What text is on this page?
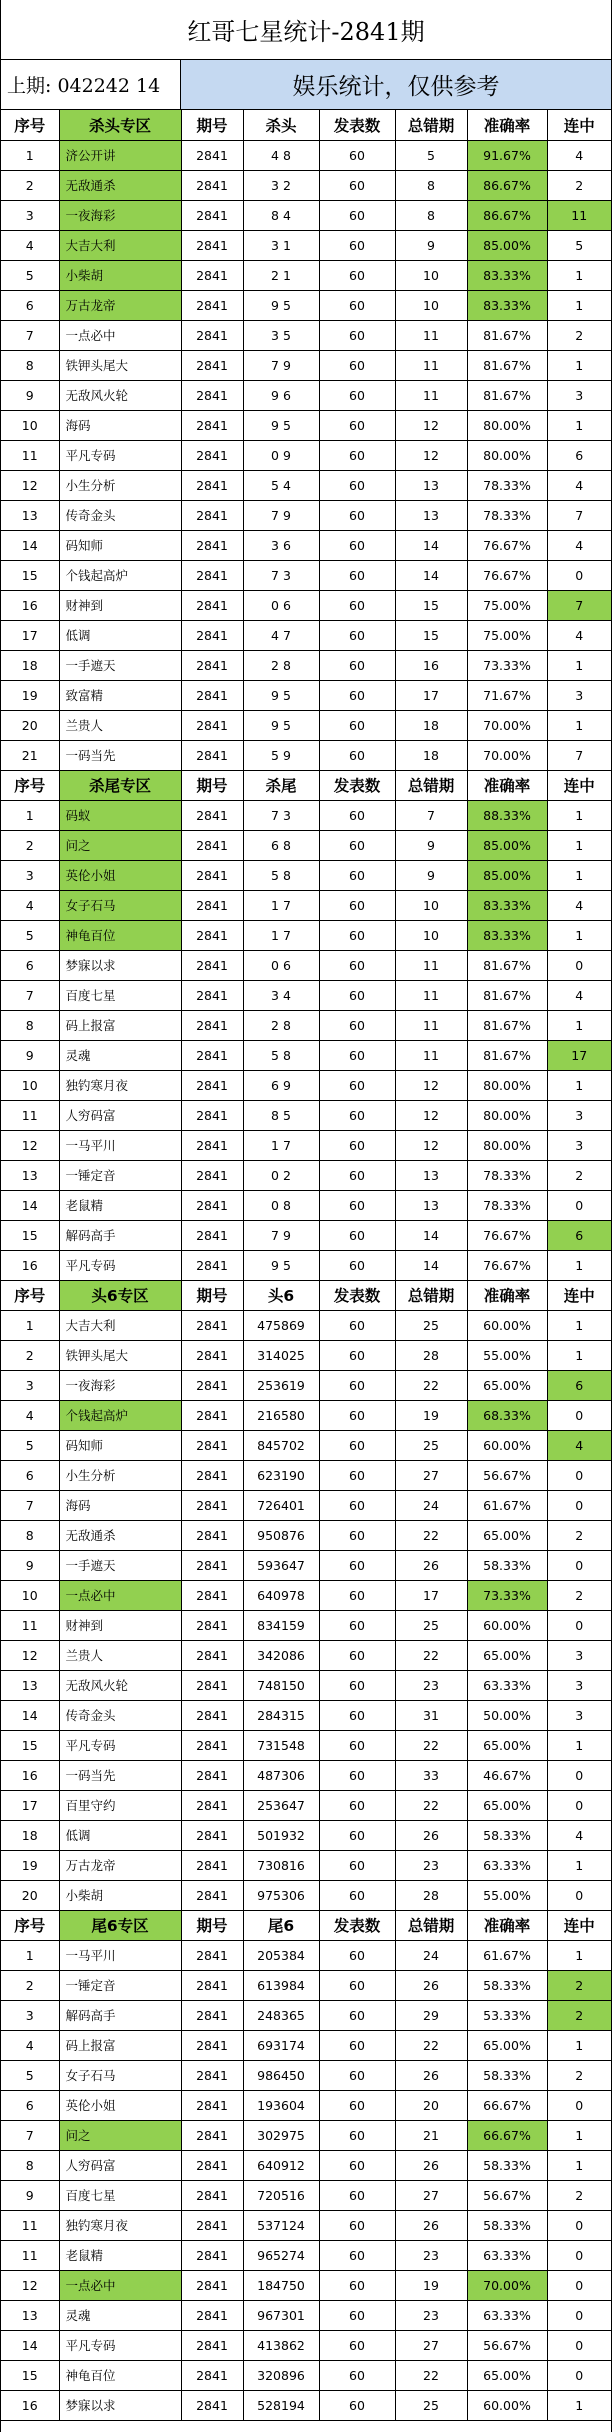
红哥七星统计-2841期
上期: 042242 14	娱乐统计，仅供参考
序号	杀头专区	期号	杀头	发表数	总错期	准确率	连中
1	济公开讲	2841	4 8	60	5	91.67%	4
2	无敌通杀	2841	3 2	60	8	86.67%	2
3	一夜海彩	2841	8 4	60	8	86.67%	11
4	大吉大利	2841	3 1	60	9	85.00%	5
5	小柴胡	2841	2 1	60	10	83.33%	1
6	万古龙帝	2841	9 5	60	10	83.33%	1
7	一点必中	2841	3 5	60	11	81.67%	2
8	铁钾头尾大	2841	7 9	60	11	81.67%	1
9	无敌风火轮	2841	9 6	60	11	81.67%	3
10	海码	2841	9 5	60	12	80.00%	1
11	平凡专码	2841	0 9	60	12	80.00%	6
12	小生分析	2841	5 4	60	13	78.33%	4
13	传奇金头	2841	7 9	60	13	78.33%	7
14	码知师	2841	3 6	60	14	76.67%	4
15	个钱起高炉	2841	7 3	60	14	76.67%	0
16	财神到	2841	0 6	60	15	75.00%	7
17	低调	2841	4 7	60	15	75.00%	4
18	一手遮天	2841	2 8	60	16	73.33%	1
19	致富精	2841	9 5	60	17	71.67%	3
20	兰贵人	2841	9 5	60	18	70.00%	1
21	一码当先	2841	5 9	60	18	70.00%	7
序号	杀尾专区	期号	杀尾	发表数	总错期	准确率	连中
1	码蚁	2841	7 3	60	7	88.33%	1
2	问之	2841	6 8	60	9	85.00%	1
3	英伦小姐	2841	5 8	60	9	85.00%	1
4	女子石马	2841	1 7	60	10	83.33%	4
5	神龟百位	2841	1 7	60	10	83.33%	1
6	梦寐以求	2841	0 6	60	11	81.67%	0
7	百度七星	2841	3 4	60	11	81.67%	4
8	码上报富	2841	2 8	60	11	81.67%	1
9	灵魂	2841	5 8	60	11	81.67%	17
10	独钓寒月夜	2841	6 9	60	12	80.00%	1
11	人穷码富	2841	8 5	60	12	80.00%	3
12	一马平川	2841	1 7	60	12	80.00%	3
13	一锤定音	2841	0 2	60	13	78.33%	2
14	老鼠精	2841	0 8	60	13	78.33%	0
15	解码高手	2841	7 9	60	14	76.67%	6
16	平凡专码	2841	9 5	60	14	76.67%	1
序号	头6专区	期号	头6	发表数	总错期	准确率	连中
1	大吉大利	2841	475869	60	25	60.00%	1
2	铁钾头尾大	2841	314025	60	28	55.00%	1
3	一夜海彩	2841	253619	60	22	65.00%	6
4	个钱起高炉	2841	216580	60	19	68.33%	0
5	码知师	2841	845702	60	25	60.00%	4
6	小生分析	2841	623190	60	27	56.67%	0
7	海码	2841	726401	60	24	61.67%	0
8	无敌通杀	2841	950876	60	22	65.00%	2
9	一手遮天	2841	593647	60	26	58.33%	0
10	一点必中	2841	640978	60	17	73.33%	2
11	财神到	2841	834159	60	25	60.00%	0
12	兰贵人	2841	342086	60	22	65.00%	3
13	无敌风火轮	2841	748150	60	23	63.33%	3
14	传奇金头	2841	284315	60	31	50.00%	3
15	平凡专码	2841	731548	60	22	65.00%	1
16	一码当先	2841	487306	60	33	46.67%	0
17	百里守约	2841	253647	60	22	65.00%	0
18	低调	2841	501932	60	26	58.33%	4
19	万古龙帝	2841	730816	60	23	63.33%	1
20	小柴胡	2841	975306	60	28	55.00%	0
序号	尾6专区	期号	尾6	发表数	总错期	准确率	连中
1	一马平川	2841	205384	60	24	61.67%	1
2	一锤定音	2841	613984	60	26	58.33%	2
3	解码高手	2841	248365	60	29	53.33%	2
4	码上报富	2841	693174	60	22	65.00%	1
5	女子石马	2841	986450	60	26	58.33%	2
6	英伦小姐	2841	193604	60	20	66.67%	0
7	问之	2841	302975	60	21	66.67%	1
8	人穷码富	2841	640912	60	26	58.33%	1
9	百度七星	2841	720516	60	27	56.67%	2
11	独钓寒月夜	2841	537124	60	26	58.33%	0
11	老鼠精	2841	965274	60	23	63.33%	0
12	一点必中	2841	184750	60	19	70.00%	0
13	灵魂	2841	967301	60	23	63.33%	0
14	平凡专码	2841	413862	60	27	56.67%	0
15	神龟百位	2841	320896	60	22	65.00%	0
16	梦寐以求	2841	528194	60	25	60.00%	1
